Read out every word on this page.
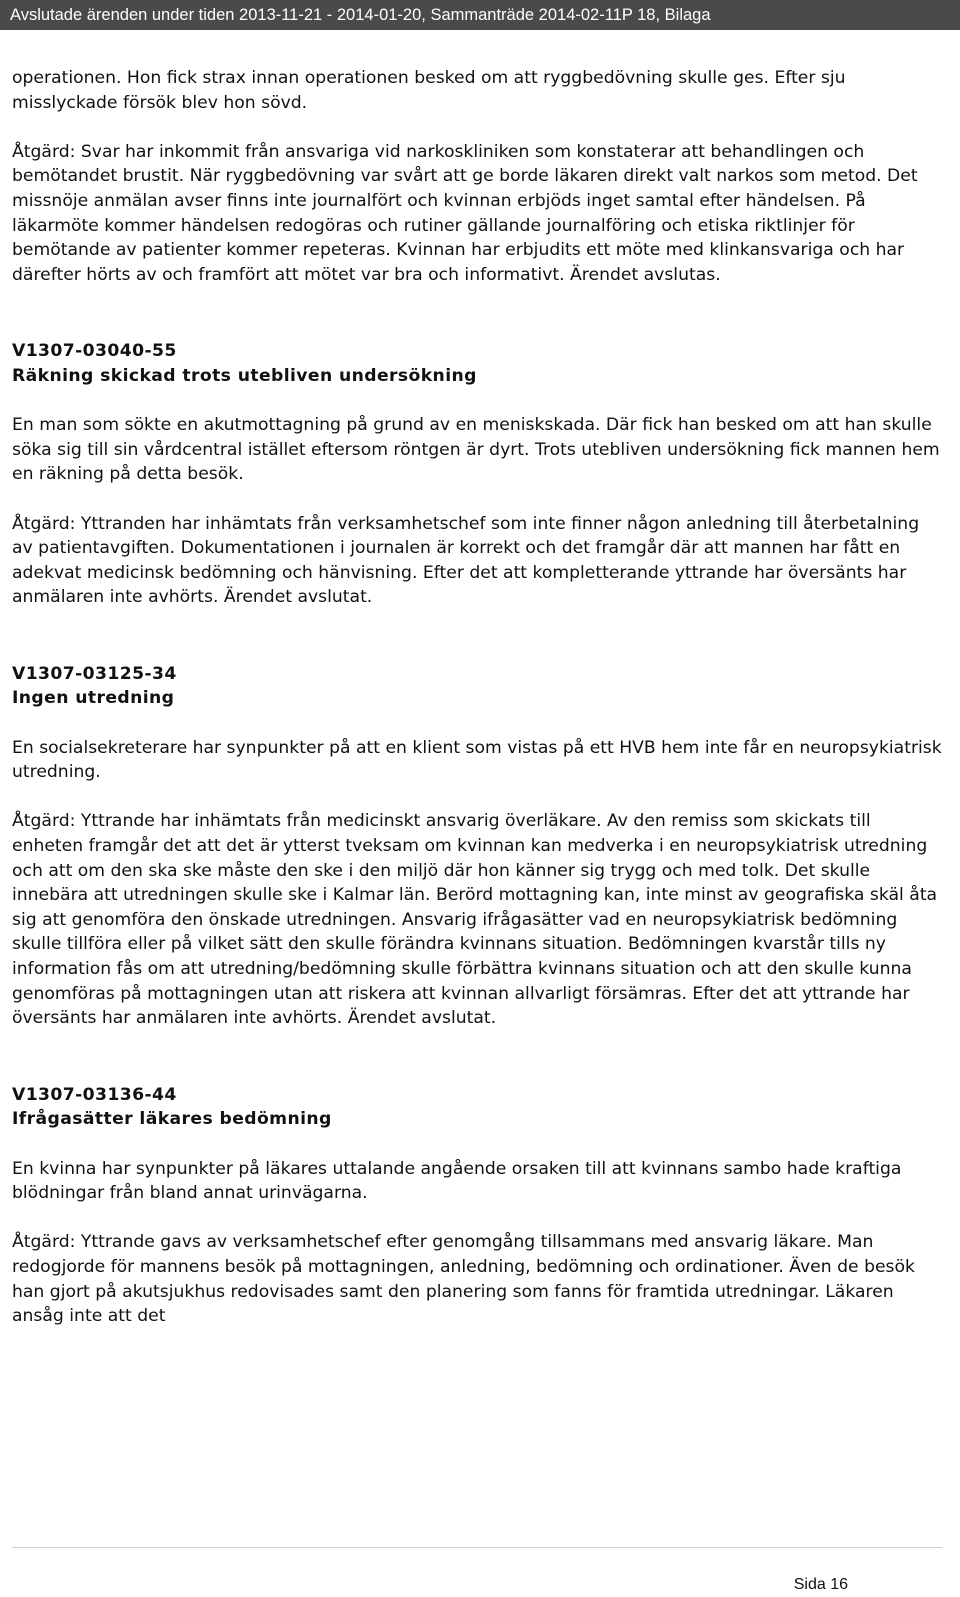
Avslutade ärenden under tiden 2013-11-21 - 2014-01-20, Sammanträde 2014-02-11P 18, Bilaga

operationen. Hon fick strax innan operationen besked om att ryggbedövning skulle ges. Efter sju misslyckade försök blev hon sövd.

Åtgärd: Svar har inkommit från ansvariga vid narkoskliniken som konstaterar att behandlingen och bemötandet brustit. När ryggbedövning var svårt att ge borde läkaren direkt valt narkos som metod. Det missnöje anmälan avser finns inte journalfört och kvinnan erbjöds inget samtal efter händelsen. På läkarmöte kommer händelsen redogöras och rutiner gällande journalföring och etiska riktlinjer för bemötande av patienter kommer repeteras. Kvinnan har erbjudits ett möte med klinkansvariga och har därefter hörts av och framfört att mötet var bra och informativt. Ärendet avslutas.

V1307-03040-55

Räkning skickad trots utebliven undersökning

En man som sökte en akutmottagning på grund av en meniskskada. Där fick han besked om att han skulle söka sig till sin vårdcentral istället eftersom röntgen är dyrt. Trots utebliven undersökning fick mannen hem en räkning på detta besök.

Åtgärd: Yttranden har inhämtats från verksamhetschef som inte finner någon anledning till återbetalning av patientavgiften. Dokumentationen i journalen är korrekt och det framgår där att mannen har fått en adekvat medicinsk bedömning och hänvisning. Efter det att kompletterande yttrande har översänts har anmälaren inte avhörts. Ärendet avslutat.

V1307-03125-34

Ingen utredning

En socialsekreterare har synpunkter på att en klient som vistas på ett HVB hem inte får en neuropsykiatrisk utredning.

Åtgärd: Yttrande har inhämtats från medicinskt ansvarig överläkare. Av den remiss som skickats till enheten framgår det att det är ytterst tveksam om kvinnan kan medverka i en neuropsykiatrisk utredning och att om den ska ske måste den ske i den miljö där hon känner sig trygg och med tolk. Det skulle innebära att utredningen skulle ske i Kalmar län. Berörd mottagning kan, inte minst av geografiska skäl åta sig att genomföra den önskade utredningen. Ansvarig ifrågasätter vad en neuropsykiatrisk bedömning skulle tillföra eller på vilket sätt den skulle förändra kvinnans situation. Bedömningen kvarstår tills ny information fås om att utredning/bedömning skulle förbättra kvinnans situation och att den skulle kunna genomföras på mottagningen utan att riskera att kvinnan allvarligt försämras. Efter det att yttrande har översänts har anmälaren inte avhörts. Ärendet avslutat.

V1307-03136-44

Ifrågasätter läkares bedömning

En kvinna har synpunkter på läkares uttalande angående orsaken till att kvinnans sambo hade kraftiga blödningar från bland annat urinvägarna.

Åtgärd: Yttrande gavs av verksamhetschef efter genomgång tillsammans med ansvarig läkare. Man redogjorde för mannens besök på mottagningen, anledning, bedömning och ordinationer. Även de besök han gjort på akutsjukhus redovisades samt den planering som fanns för framtida utredningar. Läkaren ansåg inte att det

Sida 16
